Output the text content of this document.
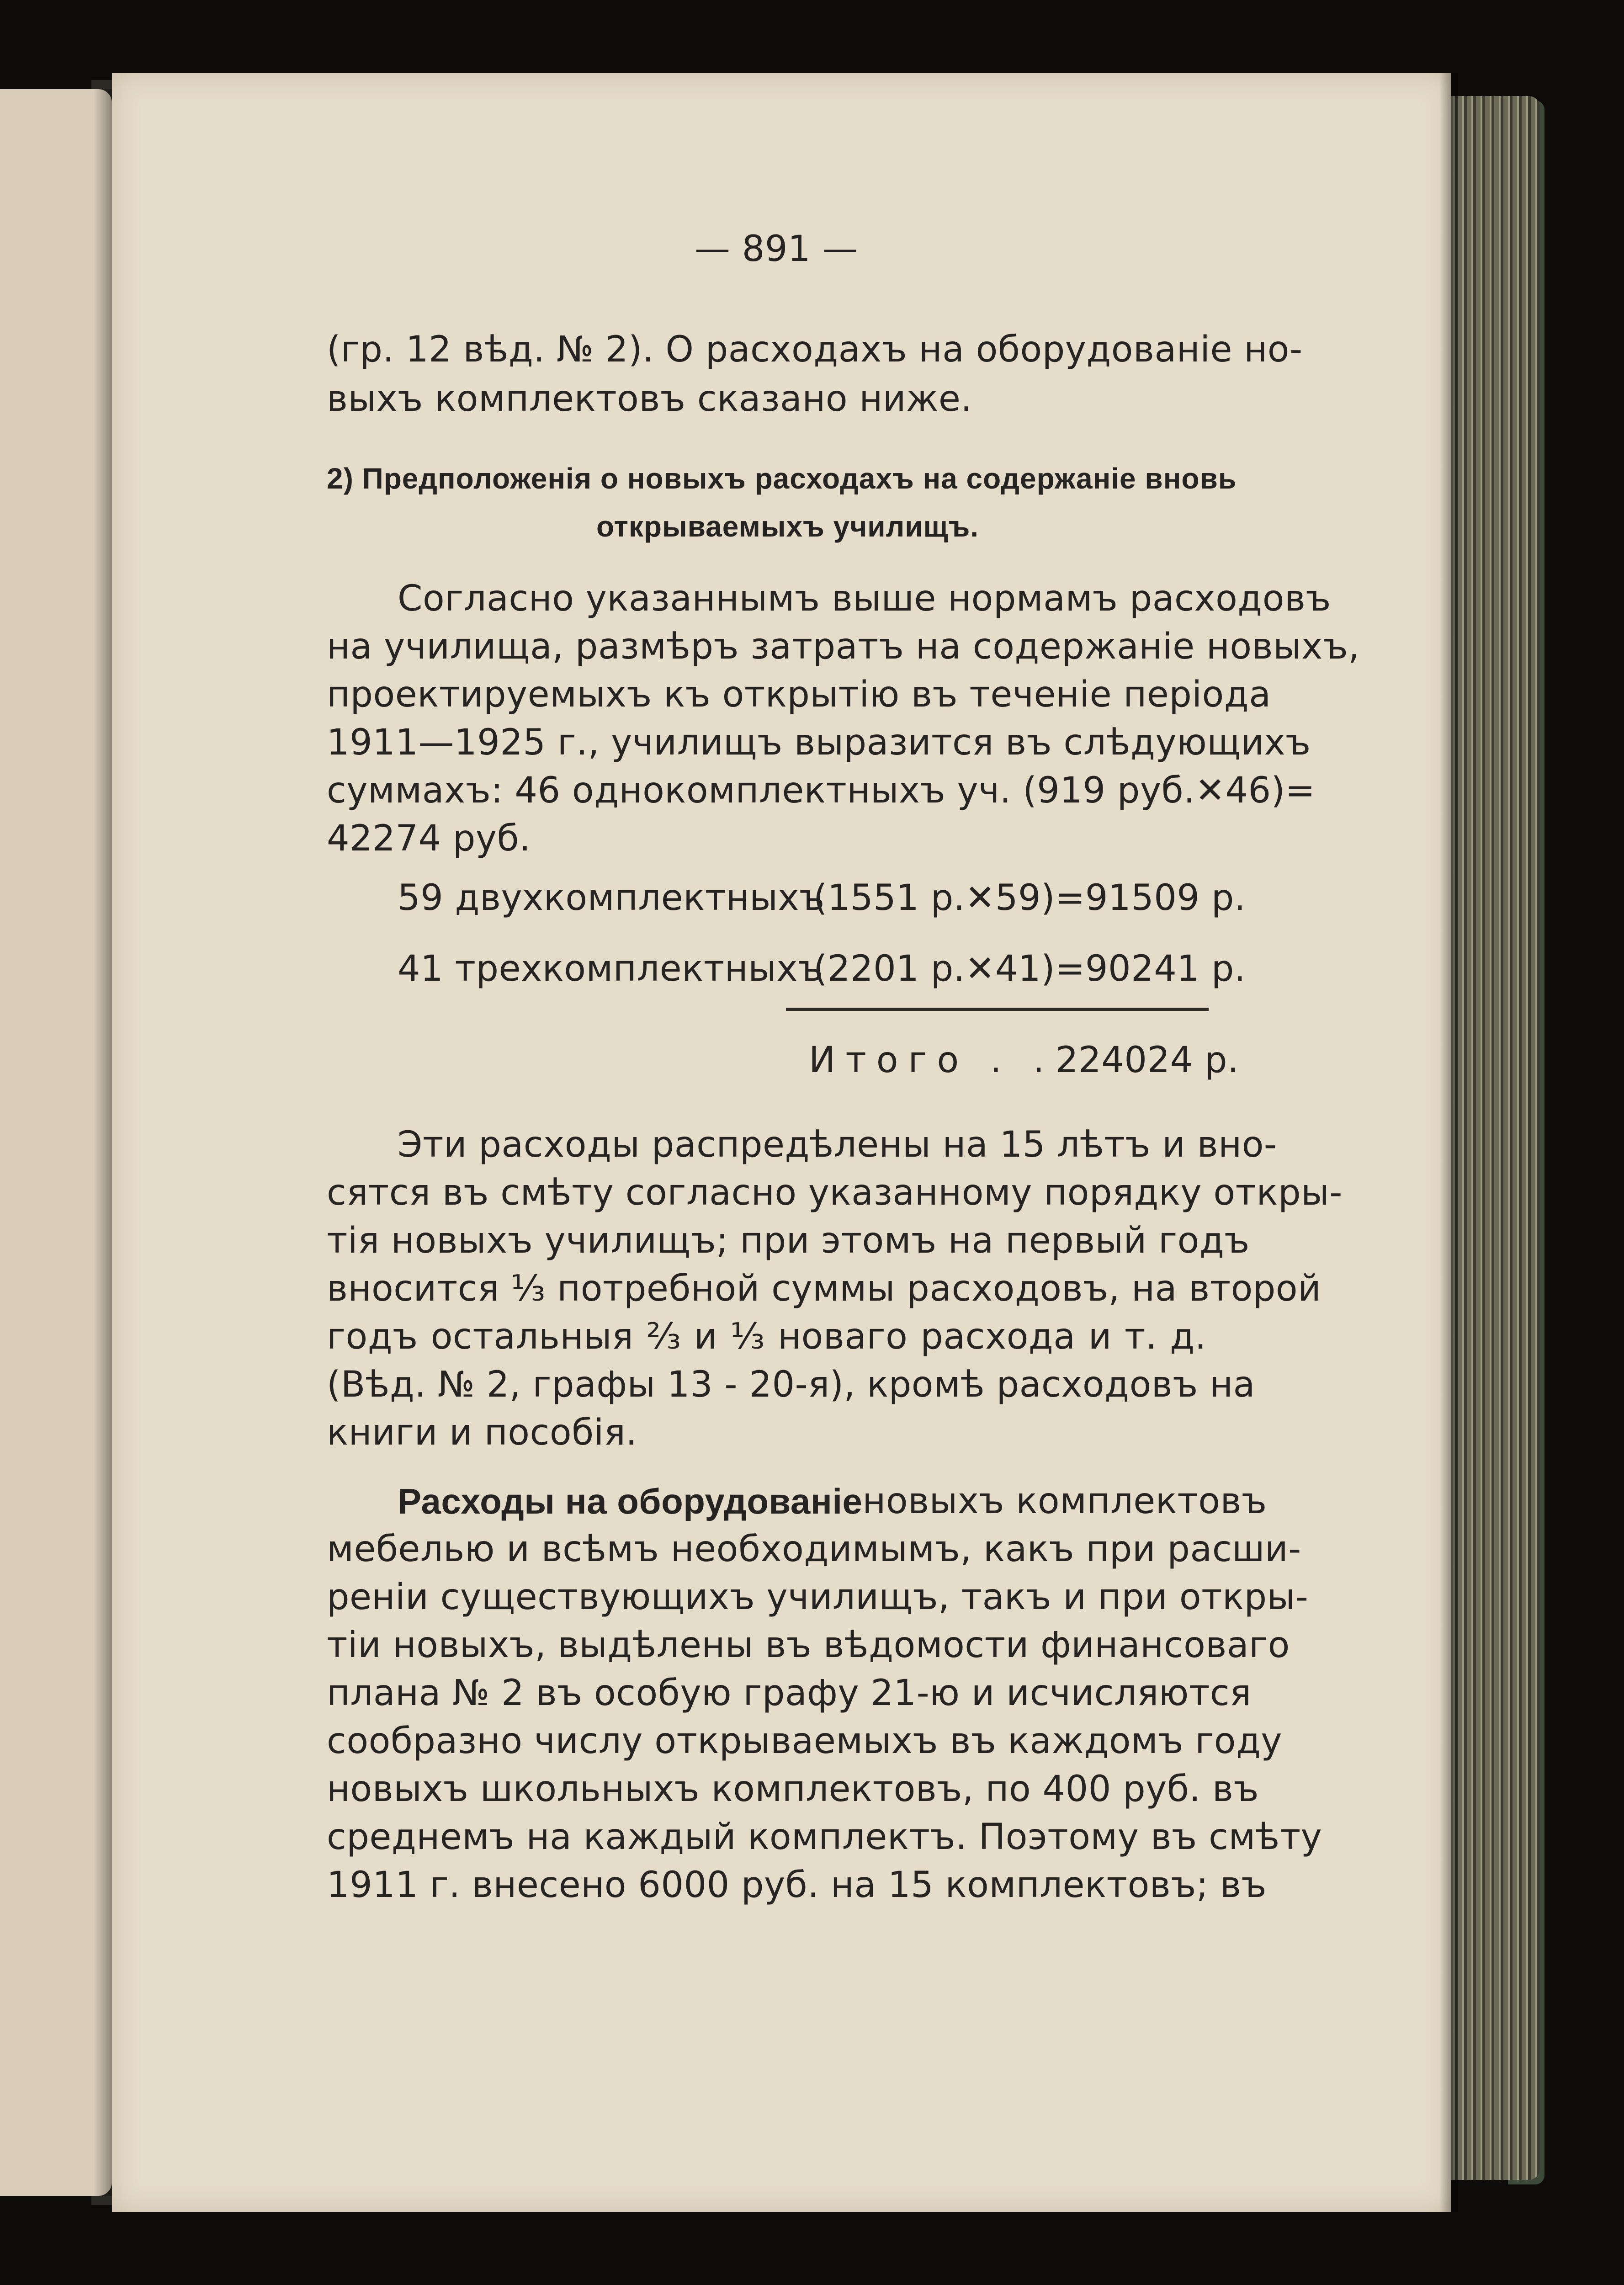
— 891 —
(гр. 12 вѣд. № 2). О расходахъ на оборудованіе но-
выхъ комплектовъ сказано ниже.
2) Предположенія о новыхъ расходахъ на содержаніе вновь
открываемыхъ училищъ.
Согласно указаннымъ выше нормамъ расходовъ
на училища, размѣръ затратъ на содержаніе новыхъ,
проектируемыхъ къ открытію въ теченіе періода
1911—1925 г., училищъ выразится въ слѣдующихъ
суммахъ: 46 однокомплектныхъ уч. (919 руб.✕46)=
42274 руб.
59 двухкомплектныхъ
(1551 р.✕59)=91509 р.
41 трехкомплектныхъ
(2201 р.✕41)=90241 р.
Итого . . 224024 р.
Эти расходы распредѣлены на 15 лѣтъ и вно-
сятся въ смѣту согласно указанному порядку откры-
тія новыхъ училищъ; при этомъ на первый годъ
вносится ⅓ потребной суммы расходовъ, на второй
годъ остальныя ⅔ и ⅓ новаго расхода и т. д.
(Вѣд. № 2, графы 13 - 20-я), кромѣ расходовъ на
книги и пособія.
Расходы на оборудованіе новыхъ комплектовъ
мебелью и всѣмъ необходимымъ, какъ при расши-
реніи существующихъ училищъ, такъ и при откры-
тіи новыхъ, выдѣлены въ вѣдомости финансоваго
плана № 2 въ особую графу 21-ю и исчисляются
сообразно числу открываемыхъ въ каждомъ году
новыхъ школьныхъ комплектовъ, по 400 руб. въ
среднемъ на каждый комплектъ. Поэтому въ смѣту
1911 г. внесено 6000 руб. на 15 комплектовъ; въ
